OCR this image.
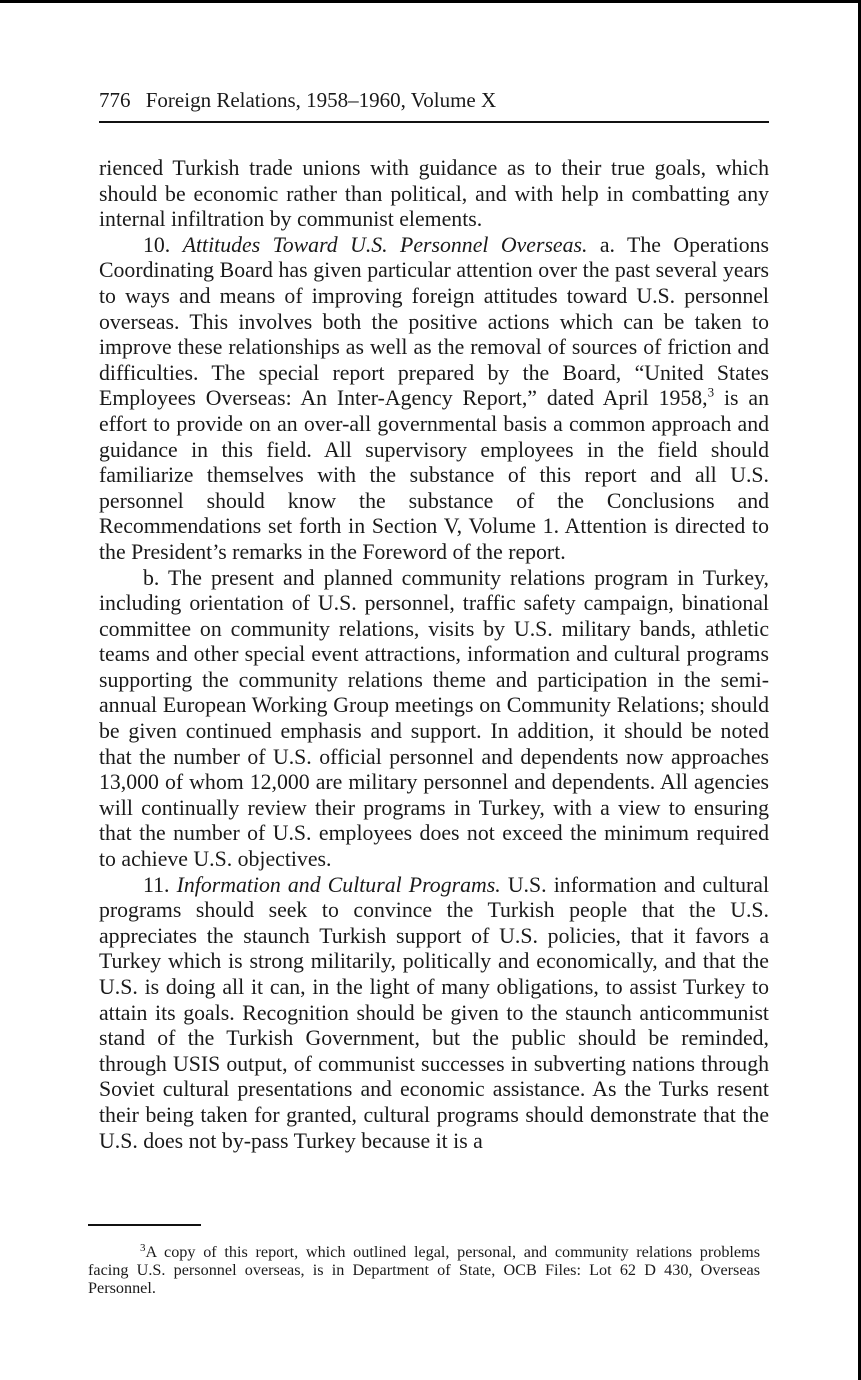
776 Foreign Relations, 1958–1960, Volume X

rienced Turkish trade unions with guidance as to their true goals, which should be economic rather than political, and with help in combatting any internal infiltration by communist elements.

10. Attitudes Toward U.S. Personnel Overseas. a. The Operations Coordinating Board has given particular attention over the past several years to ways and means of improving foreign attitudes toward U.S. personnel overseas. This involves both the positive actions which can be taken to improve these relationships as well as the removal of sources of friction and difficulties. The special report prepared by the Board, “United States Employees Overseas: An Inter-Agency Report,” dated April 1958,$^3$ is an effort to provide on an over-all governmental basis a common approach and guidance in this field. All supervisory employees in the field should familiarize themselves with the substance of this report and all U.S. personnel should know the substance of the Conclusions and Recommendations set forth in Section V, Volume 1. Attention is directed to the President’s remarks in the Foreword of the report.

b. The present and planned community relations program in Turkey, including orientation of U.S. personnel, traffic safety campaign, binational committee on community relations, visits by U.S. military bands, athletic teams and other special event attractions, information and cultural programs supporting the community relations theme and participation in the semi-annual European Working Group meetings on Community Relations; should be given continued emphasis and support. In addition, it should be noted that the number of U.S. official personnel and dependents now approaches 13,000 of whom 12,000 are military personnel and dependents. All agencies will continually review their programs in Turkey, with a view to ensuring that the number of U.S. employees does not exceed the minimum required to achieve U.S. objectives.

11. Information and Cultural Programs. U.S. information and cultural programs should seek to convince the Turkish people that the U.S. appreciates the staunch Turkish support of U.S. policies, that it favors a Turkey which is strong militarily, politically and economically, and that the U.S. is doing all it can, in the light of many obligations, to assist Turkey to attain its goals. Recognition should be given to the staunch anticommunist stand of the Turkish Government, but the public should be reminded, through USIS output, of communist successes in subverting nations through Soviet cultural presentations and economic assistance. As the Turks resent their being taken for granted, cultural programs should demonstrate that the U.S. does not by-pass Turkey because it is a

$^3$A copy of this report, which outlined legal, personal, and community relations problems facing U.S. personnel overseas, is in Department of State, OCB Files: Lot 62 D 430, Overseas Personnel.
